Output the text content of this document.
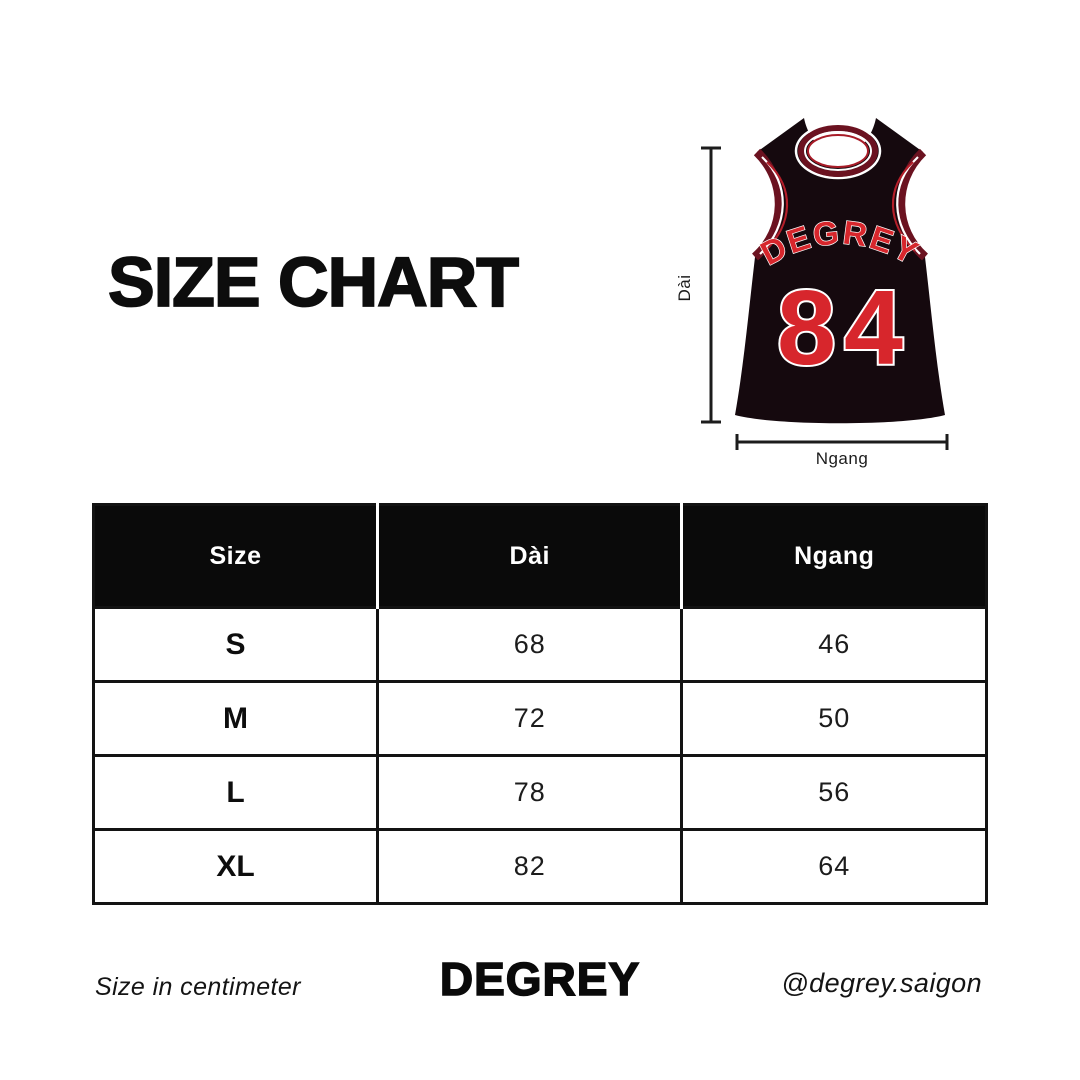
SIZE CHART	DEGREY
84
Dài
Ngang
Size	Dài	Ngang
S	68	46
M	72	50
L	78	56
XL	82	64
Size in centimeter	DEGREY	@degrey.saigon
